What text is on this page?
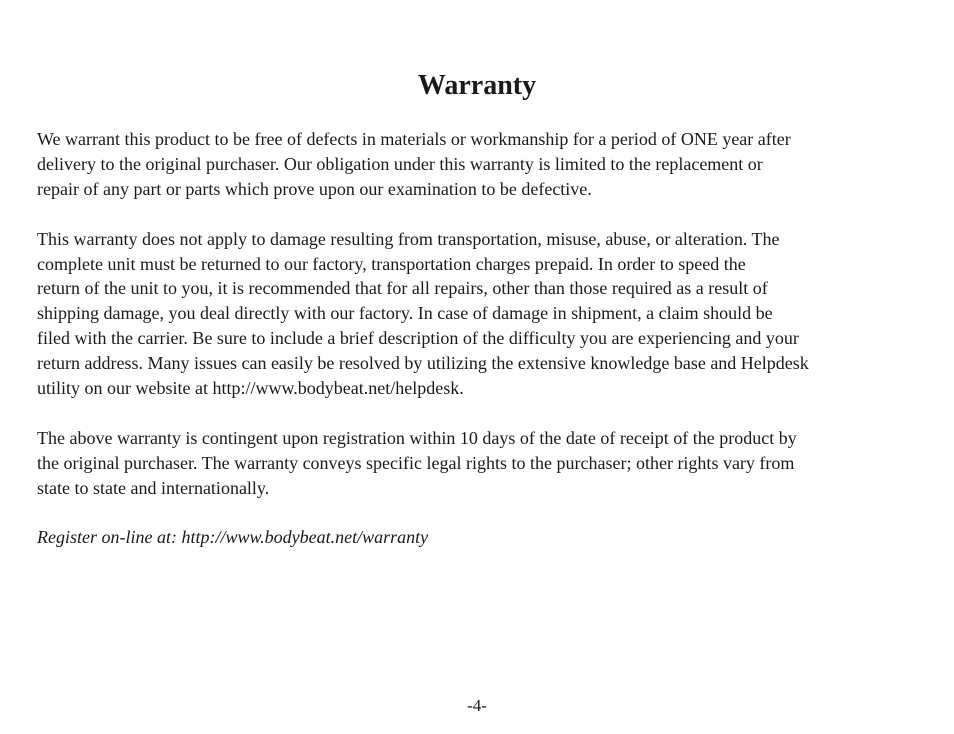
Warranty

We warrant this product to be free of defects in materials or workmanship for a period of ONE year after
delivery to the original purchaser. Our obligation under this warranty is limited to the replacement or
repair of any part or parts which prove upon our examination to be defective.

This warranty does not apply to damage resulting from transportation, misuse, abuse, or alteration. The
complete unit must be returned to our factory, transportation charges prepaid. In order to speed the
return of the unit to you, it is recommended that for all repairs, other than those required as a result of
shipping damage, you deal directly with our factory. In case of damage in shipment, a claim should be
filed with the carrier. Be sure to include a brief description of the difficulty you are experiencing and your
return address. Many issues can easily be resolved by utilizing the extensive knowledge base and Helpdesk
utility on our website at http://www.bodybeat.net/helpdesk.

The above warranty is contingent upon registration within 10 days of the date of receipt of the product by
the original purchaser. The warranty conveys specific legal rights to the purchaser; other rights vary from
state to state and internationally.

Register on-line at: http://www.bodybeat.net/warranty

-4-
